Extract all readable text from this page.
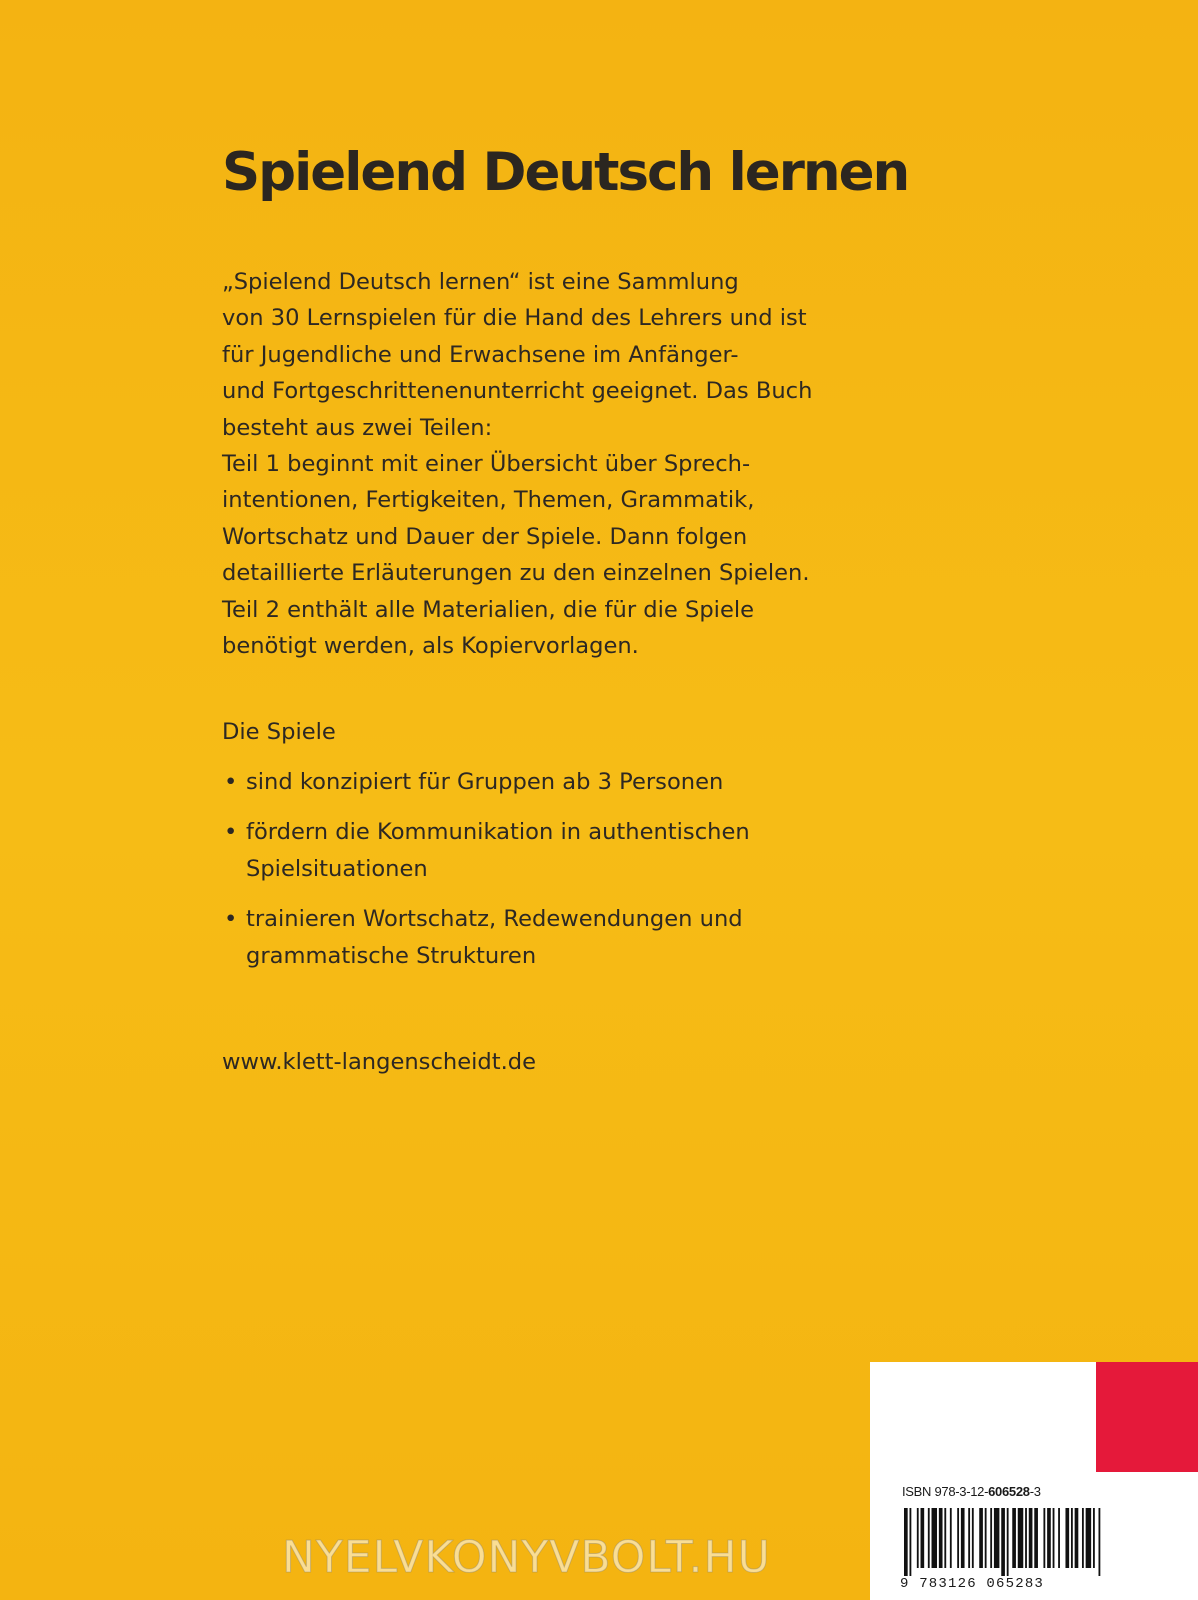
Spielend Deutsch lernen
„Spielend Deutsch lernen“ ist eine Sammlung
von 30 Lernspielen für die Hand des Lehrers und ist
für Jugendliche und Erwachsene im Anfänger-
und Fortgeschrittenenunterricht geeignet. Das Buch
besteht aus zwei Teilen:
Teil 1 beginnt mit einer Übersicht über Sprech-
intentionen, Fertigkeiten, Themen, Grammatik,
Wortschatz und Dauer der Spiele. Dann folgen
detaillierte Erläuterungen zu den einzelnen Spielen.
Teil 2 enthält alle Materialien, die für die Spiele
benötigt werden, als Kopiervorlagen.
Die Spiele
• sind konzipiert für Gruppen ab 3 Personen
• fördern die Kommunikation in authentischen
Spielsituationen
• trainieren Wortschatz, Redewendungen und
grammatische Strukturen
www.klett-langenscheidt.de
ISBN 978-3-12-606528-3
9 783126 065283
NYELVKONYVBOLT.HU
